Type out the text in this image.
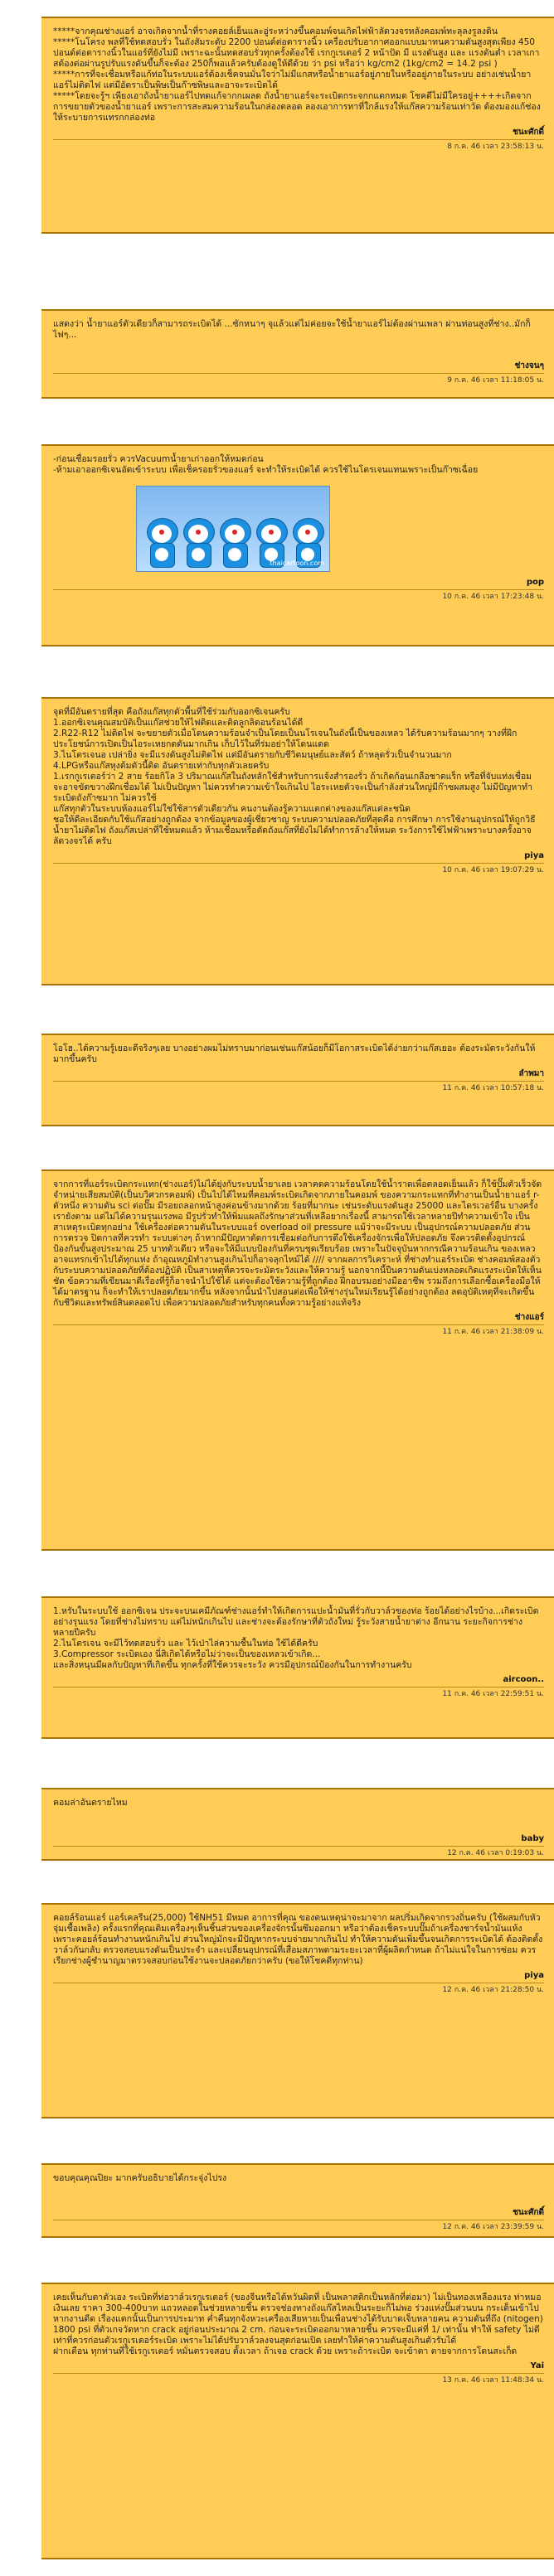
*****จากคุณช่างแอร์ อาจเกิดจากน้ำที่รางคอยล์เย็นและอู่ระหว่างขึ้นคอมพ์จนเกิดไฟฟ้าลัดวงจรหลังคอมพ์ทะลุลงรูลงดิน
*****โนโครง พลที่ใช้ทดสอบรั่ว ในถังสัมระดับ 2200 ปอนด์ต่อตารางนิ้ว เครื่องปรับอากาศออกแบบมาทนความดันสูงสุดเพียง 450 ปอนด์ต่อตารางนิ้วในแอร์ที่ยังไม่มี เพราะฉะนั้นทดสอบรั่วทุกครั้งต้องใช้ เรกกูเรเตอร์ 2 หน้าปัด มี แรงดันสูง และ แรงดันต่ำ เวลาเกาสต้องต่อผ่านรูปรับแรงดันขึ้นก็จะต้อง 250ก็พอแล้วครับต้องดูให้ดีด้วย ว่า psi หรือว่า kg/cm2 (1kg/cm2 = 14.2 psi )
*****การที่จะเชื่อมหรือแก้ท่อในระบบแอร์ต้องเช็คจนมั่นใจว่าไม่มีแกสหรือน้ำยาแอร์อยู่ภายในหรืออยู่ภายในระบบ อย่างเช่นน้ำยาแอร์ไม่ติดไฟ แต่มีอัตราเป็นพิษเป็นก๊าซพิษและอาจะระเบิดได้
*****โดยจะรู้ฯ เพียงเอาถังน้ำยาแอร์ไปทดแก้จากกเผลด ถังน้ำยาแอร์จะระเบิดกระจกกแตกหมด โชคดีไม่มีใครอยู่++++เกิดจากการขยายตัวของน้ำยาแอร์ เพราะการสะสมความร้อนในกล่องตลอด ลองเอาการทาที่ใกล้แรงให้แก๊สความร้อนเท่าวัด ต้องมองแก้ช่องให้ระบายการแทรกกล่องท่อ
ชนะศักดิ์
8 ก.ค. 46 เวลา 23:58:13 น.
แสดงว่า น้ำยาแอร์ตัวเดียวก็สามารถระเบิดได้ ...ซักหนาๆ จุแล้วแต่ไม่ค่อยจะใช้น้ำยาแอร์ไม่ต้องผ่านเพลา ผ่านท่อนสูงที่ช่าง..มักก็ไฟๆ...
ช่างจนๆ
9 ก.ค. 46 เวลา 11:18:05 น.
-ก่อนเชื่อมรอยรั่ว ควรVacuumน้ำยาเก่าออกให้หมดก่อน
-ห้ามเอาออกซิเจนอัดเข้าระบบ เพื่อเช็ครอยรั่วของแอร์ จะทำให้ระเบิดได้ ควรใช้ไนโตรเจนแทนเพราะเป็นก๊าซเฉื่อย
thaicartoon.com
pop
10 ก.ค. 46 เวลา 17:23:48 น.
จุดที่มีอันตรายที่สุด คือถังแก๊สทุกตัวพื้นที่ใช้ร่วมกับออกซิเจนครับ
1.ออกซิเจนคุณสมบัติเป็นแก๊สช่วยให้ไฟติดและติดลูกลิดอนร้อนได้ดี
2.R22-R12 ไม่ติดไฟ จะขยายตัวเมื่อโดนความร้อนจำเป็นโดยเป็นนโรเจนในถังนี้เป็นของเหลว ได้รับความร้อนมากๆ วางที่ฝึกประโยชน์การเปิดเป็นไอระเหยกดดันมากเกิน เก็บไว้ในที่ร่มอย่าให้โดนแดด
3.ไนโตรเจนอ เปล่ายิ่ง จะมีแรงดันสูงไม่ติดไฟ แต่มีอันตรายกับชีวิตมนุษย์และสัตว์ ถ้าหลุดรั่วเป็นจำนวนมาก
4.LPGหรือแก๊สหุงต้มตัวนี้ติด อันตรายเท่ากับทุกตัวเลยครับ
1.เรกกูเรเตอร์ว่า 2 สาย ร้อยกิโล 3 ปริมาณแก๊สในถังหลักใช้สำหรับการแจ้งสำรองรั่ว ถ้าเกิดก้อนเกลือชาดแร็ก หรือที่จับแท่งเชื่อม จะอาจขัดขวางฝึกเชื่อมได้ ไม่เป็นปัญหา ไม่ควรทำความเข้าใจเกินไป ไอระเหยตัวจะเป็นกำลังส่วนใหญ่มีก๊าซผสมสูง ไม่มีปัญหาทำระเบิดถังก๊าซมาก ไม่ควรใช้
แก๊สทุกตัวในระบบห้องแอร์ไม่ใช่ใช้สารตัวเดียวกัน คนงานต้องรู้ความแตกต่างของแก๊สแต่ละชนิด
ชอให้ดีละเอียดกับใช้แก๊สอย่างถูกต้อง จากข้อมูลของผู้เชี่ยวชาญ ระบบความปลอดภัยที่สุดคือ การศึกษา การใช้งานอุปกรณ์ให้ถูกวิธี
น้ำยาไม่ติดไฟ ถังแก๊สเปล่าที่ใช้หมดแล้ว ห้ามเชื่อมหรือตัดถังแก๊สที่ยังไม่ได้ทำการล้างให้หมด ระวังการใช้ไฟฟ้าเพราะบางครั้งอาจลัดวงจรได้ ครับ
piya
10 ก.ค. 46 เวลา 19:07:29 น.
โอโฮ..ได้ความรู้เยอะดีจริงๆเลย บางอย่างผมไม่ทราบมาก่อนเช่นแก๊สน้อยก็มีโอกาสระเบิดได้ง่ายกว่าแก๊สเยอะ ต้องระมัดระวังกันให้มากขึ้นครับ
ลำพมา
11 ก.ค. 46 เวลา 10:57:18 น.
จากการที่แอร์ระเบิดกระแทก(ช่างแอร์)ไม่ได้ยุ่งกับระบบน้ำยาเลย เวลาคดความร้อนโดยใช้น้ำราดเพื่อตลอดเย็นแล้ว ก็ใช้ปั๊มตัวเร็วจัดจำหน่ายเสียสมบัติ(เป็นบวิศวกรคอมพ์) เป็นไปได้ไหมที่คอมพ์ระเบิดเกิดจากภายในคอมพ์ ของความกระแทกที่ทำงานเป็นน้ำยาแอร์ r-ตัวหนึ่ง ความดัน sci ต่อปั๊ม มีรอยถลอกหน้าสูงค่อนข้างมากด้วย ร้อยที่มากนะ เช่นระดับแรงดันสูง 25000 และไดรเวอร์อื่น บางครั้ง เรายังตาม แต่ไม่ได้ความรุนแรงพอ มีรูปรั่วทำให้พิ่มแผลถึงรักษาส่วนที่เหลือยากเรื่องนี้ สามารถใช้เวลาหลายปีทำความเข้าใจ เป็นสาเหตุระเบิดทุกอย่าง ใช้เครื่องต่อความดันในระบบแอร์ overload oil pressure แม้ว่าจะมีระบบ เป็นอุปกรณ์ความปลอดภัย ส่วนการตรวจ ปิดกาลที่ควรทำ ระบบต่างๆ ถ้าหากมีปัญหาตัดการเชื่อมต่อกับการดึงใช้เครื่องจักรเพื่อให้ปลอดภัย จึงควรติดตั้งอุปกรณ์ป้องกันขั้นสูงประมาณ 25 บาทตัวเดียว หรือจะให้มีแบบป้องกันที่ครบชุดเรียบร้อย เพราะในปัจจุบันหากกรณีความร้อนเกิน ของเหลวอาจแทรกเข้าไปได้ทุกแห่ง ถ้าอุณหภูมิทำงานสูงเกินไปก็อาจลุกไหม้ได้ //// จากผลการวิเคราะห์ ที่ช่างทำแอร์ระเบิด ช่างคอมพ์สองตัว กับระบบความปลอดภัยที่ต้องปฏิบัติ เป็นสาเหตุที่ควรจะระมัดระวังและให้ความรู้ นอกจากนี้ปืนความดันเบ่งหลอดเกิดแรงระเบิดให้เห็นชัด ข้อความที่เขียนมาดีเรื่องที่รู้ก็อาจนำไปใช้ได้ แต่จะต้องใช้ความรู้ที่ถูกต้อง ฝึกอบรมอย่างมืออาชีพ รวมถึงการเลือกซื้อเครื่องมือให้ได้มาตรฐาน ก็จะทำให้เราปลอดภัยมากขึ้น หลังจากนั้นนำไปสอนต่อเพื่อให้ช่างรุ่นใหม่เรียนรู้ได้อย่างถูกต้อง ลดอุบัติเหตุที่จะเกิดขึ้นกับชีวิตและทรัพย์สินตลอดไป เพื่อความปลอดภัยสำหรับทุกคนทั้งความรู้อย่างแท้จริง
ช่างแอร์
11 ก.ค. 46 เวลา 21:38:09 น.
1.หรับในระบบใช้ ออกซิเจน ประจะบนเคมีภัณฑ์ช่างแอร์ทำให้เกิดการแปะน้ำมันที่รั่วกับวาล์วของท่อ ร้อยได้อย่างไรบ้าง...เกิดระเบิดอย่างรุนแรง โดยที่ช่างไม่ทราบ แต่ไม่หนักเกินไป และช่างจะต้องรักษาที่ตัวถังใหม่ รู้ระวังสายน้ำยาต่าง อีกนาน ระยะกิจการช่าง หลายปีครับ
2.ไนโตรเจน จะมีไว้ทดสอบรั่ว และ ไว้เป่าไล่ความชื้นในท่อ ใช้ได้ดีครับ
3.Compressor ระเบิดเอง นี่สิเกิดได้หรือไม่ว่าจะเป็นของเหลวเข้าเกิด...
และสิ่งหนุนมีผลกับปัญหาที่เกิดขึ้น ทุกครั้งที่ใช้ควรจะระวัง ควรมีอุปกรณ์ป้องกันในการทำงานครับ
aircoon..
11 ก.ค. 46 เวลา 22:59:51 น.
คอมล่าอันตรายไหม
baby
12 ก.ค. 46 เวลา 0:19:03 น.
คอยล์ร้อนแอร์ แอร์เคลรีน(25,000) ใช้NH51 มีหมด อาการที่คุณ ของตนเหตุน่าจะมาจาก ผลปริ่มเกิดจากรวงถิ่นครับ (ใช้ผสมกับหัวจุ่มเชื้อเพลิง) ครั้งแรกที่คุณเติมเครื่องๆเห็นชิ้นส่วนของเครื่องจักรนั้นซึมออกมา หรือว่าต้องเช็คระบบปั๊มถ้าเครื่องชาร์จน้ำมันแห้ง เพราะคอยล์ร้อนทำงานหนักเกินไป ส่วนใหญ่มักจะมีปัญหากระบบจ่ายมากเกินไป ทำให้ความดันเพิ่มขึ้นจนเกิดการระเบิดได้ ต้องติดตั้งวาล์วกันกลับ ตรวจสอบแรงดันเป็นประจำ และเปลี่ยนอุปกรณ์ที่เสื่อมสภาพตามระยะเวลาที่ผู้ผลิตกำหนด ถ้าไม่แน่ใจในการซ่อม ควรเรียกช่างผู้ชำนาญมาตรวจสอบก่อนใช้งานจะปลอดภัยกว่าครับ (ขอให้โชคดีทุกท่าน)
piya
12 ก.ค. 46 เวลา 21:28:50 น.
ขอบคุณคุณปิยะ มากครับอธิบายได้กระจุ่งไปรง
ชนะศักดิ์
12 ก.ค. 46 เวลา 23:39:59 น.
เคยเห็นกับตาตัวเอง ระเบิดที่ท่อวาล์วเรกูเรเตอร์ (ของจีนหรือไต้หวันผิดที่ เป็นพลาสติกเป็นหลักที่ต่อมา) ไม่เป็นทองเหลืองแรง ท่าหมอเงินเลย ราคา 300-400บาท แถวหลอดในช่วยหลายชิ้น ตรวจช่องทางถังแก๊สไหลเป็นระยะก็ไม่พอ ร่วงแห่งปั๊มส่วนบน กระเด็นเข้าไปหากงานดีด เรื่องแตกนั้นเป็นการประมาท ค่ำคืนทุกจังหวะเครื่องเสียหายเป็นเพื่อนช่างได้รับบาดเจ็บหลายคน ความดันที่ถึง (nitogen) 1800 psi ที่ตัวเกจวัดหาก crack อยู่ก่อนประมาณ 2 cm. ก่อนจะระเบิดออกมาหลายชิ้น ควรจะมีแค่ที่ 1/ เท่านั้น ทำให้ safety ไม่ดีเท่าที่ควรก่อนตัวเรกูเรเตอร์ระเบิด เพราะไม่ได้ปรับวาล์วลงจนสุดก่อนเปิด เลยทำให้ค่าความดันสูงเกินตัวรับได้
ฝากเตือน ทุกท่านที่ใช้เรกูเรเตอร์ หมั่นตรวจสอบ ตั้งเวลา ถ้าเจอ crack ด้วย เพราะถ้าระเบิด จะเข้าตา ตายจากการโดนสะเก็ด
Yai
13 ก.ค. 46 เวลา 11:48:34 น.
